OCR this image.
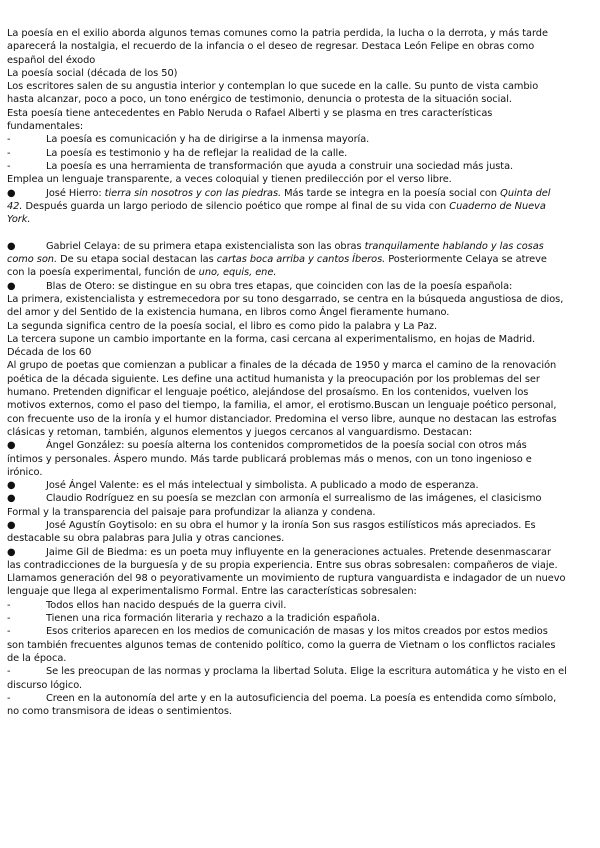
La poesía en el exilio aborda algunos temas comunes como la patria perdida, la lucha o la derrota, y más tarde
aparecerá la nostalgia, el recuerdo de la infancia o el deseo de regresar. Destaca León Felipe en obras como
español del éxodo
La poesía social (década de los 50)
Los escritores salen de su angustia interior y contemplan lo que sucede en la calle. Su punto de vista cambio
hasta alcanzar, poco a poco, un tono enérgico de testimonio, denuncia o protesta de la situación social.
Esta poesía tiene antecedentes en Pablo Neruda o Rafael Alberti y se plasma en tres características
fundamentales:
-	La poesía es comunicación y ha de dirigirse a la inmensa mayoría.
-	La poesía es testimonio y ha de reflejar la realidad de la calle.
-	La poesía es una herramienta de transformación que ayuda a construir una sociedad más justa.
Emplea un lenguaje transparente, a veces coloquial y tienen predilección por el verso libre.
●	José Hierro: tierra sin nosotros y con las piedras. Más tarde se integra en la poesía social con Quinta del
42. Después guarda un largo periodo de silencio poético que rompe al final de su vida con Cuaderno de Nueva
York.
●	Gabriel Celaya: de su primera etapa existencialista son las obras tranquilamente hablando y las cosas
como son. De su etapa social destacan las cartas boca arriba y cantos Íberos. Posteriormente Celaya se atreve
con la poesía experimental, función de uno, equis, ene.
●	Blas de Otero: se distingue en su obra tres etapas, que coinciden con las de la poesía española:
La primera, existencialista y estremecedora por su tono desgarrado, se centra en la búsqueda angustiosa de dios,
del amor y del Sentido de la existencia humana, en libros como Ángel fieramente humano.
La segunda significa centro de la poesía social, el libro es como pido la palabra y La Paz.
La tercera supone un cambio importante en la forma, casi cercana al experimentalismo, en hojas de Madrid.
Década de los 60
Al grupo de poetas que comienzan a publicar a finales de la década de 1950 y marca el camino de la renovación
poética de la década siguiente. Les define una actitud humanista y la preocupación por los problemas del ser
humano. Pretenden dignificar el lenguaje poético, alejándose del prosaísmo. En los contenidos, vuelven los
motivos externos, como el paso del tiempo, la familia, el amor, el erotismo.Buscan un lenguaje poético personal,
con frecuente uso de la ironía y el humor distanciador. Predomina el verso libre, aunque no destacan las estrofas
clásicas y retoman, también, algunos elementos y juegos cercanos al vanguardismo. Destacan:
●	Ángel González: su poesía alterna los contenidos comprometidos de la poesía social con otros más
íntimos y personales. Áspero mundo. Más tarde publicará problemas más o menos, con un tono ingenioso e
irónico.
●	José Ángel Valente: es el más intelectual y simbolista. A publicado a modo de esperanza.
●	Claudio Rodríguez en su poesía se mezclan con armonía el surrealismo de las imágenes, el clasicismo
Formal y la transparencia del paisaje para profundizar la alianza y condena.
●	José Agustín Goytisolo: en su obra el humor y la ironía Son sus rasgos estilísticos más apreciados. Es
destacable su obra palabras para Julia y otras canciones.
●	Jaime Gil de Biedma: es un poeta muy influyente en la generaciones actuales. Pretende desenmascarar
las contradicciones de la burguesía y de su propia experiencia. Entre sus obras sobresalen: compañeros de viaje.
Llamamos generación del 98 o peyorativamente un movimiento de ruptura vanguardista e indagador de un nuevo
lenguaje que llega al experimentalismo Formal. Entre las características sobresalen:
-	Todos ellos han nacido después de la guerra civil.
-	Tienen una rica formación literaria y rechazo a la tradición española.
-	Esos criterios aparecen en los medios de comunicación de masas y los mitos creados por estos medios
son también frecuentes algunos temas de contenido político, como la guerra de Vietnam o los conflictos raciales
de la época.
-	Se les preocupan de las normas y proclama la libertad Soluta. Elige la escritura automática y he visto en el
discurso lógico.
-	Creen en la autonomía del arte y en la autosuficiencia del poema. La poesía es entendida como símbolo,
no como transmisora de ideas o sentimientos.
